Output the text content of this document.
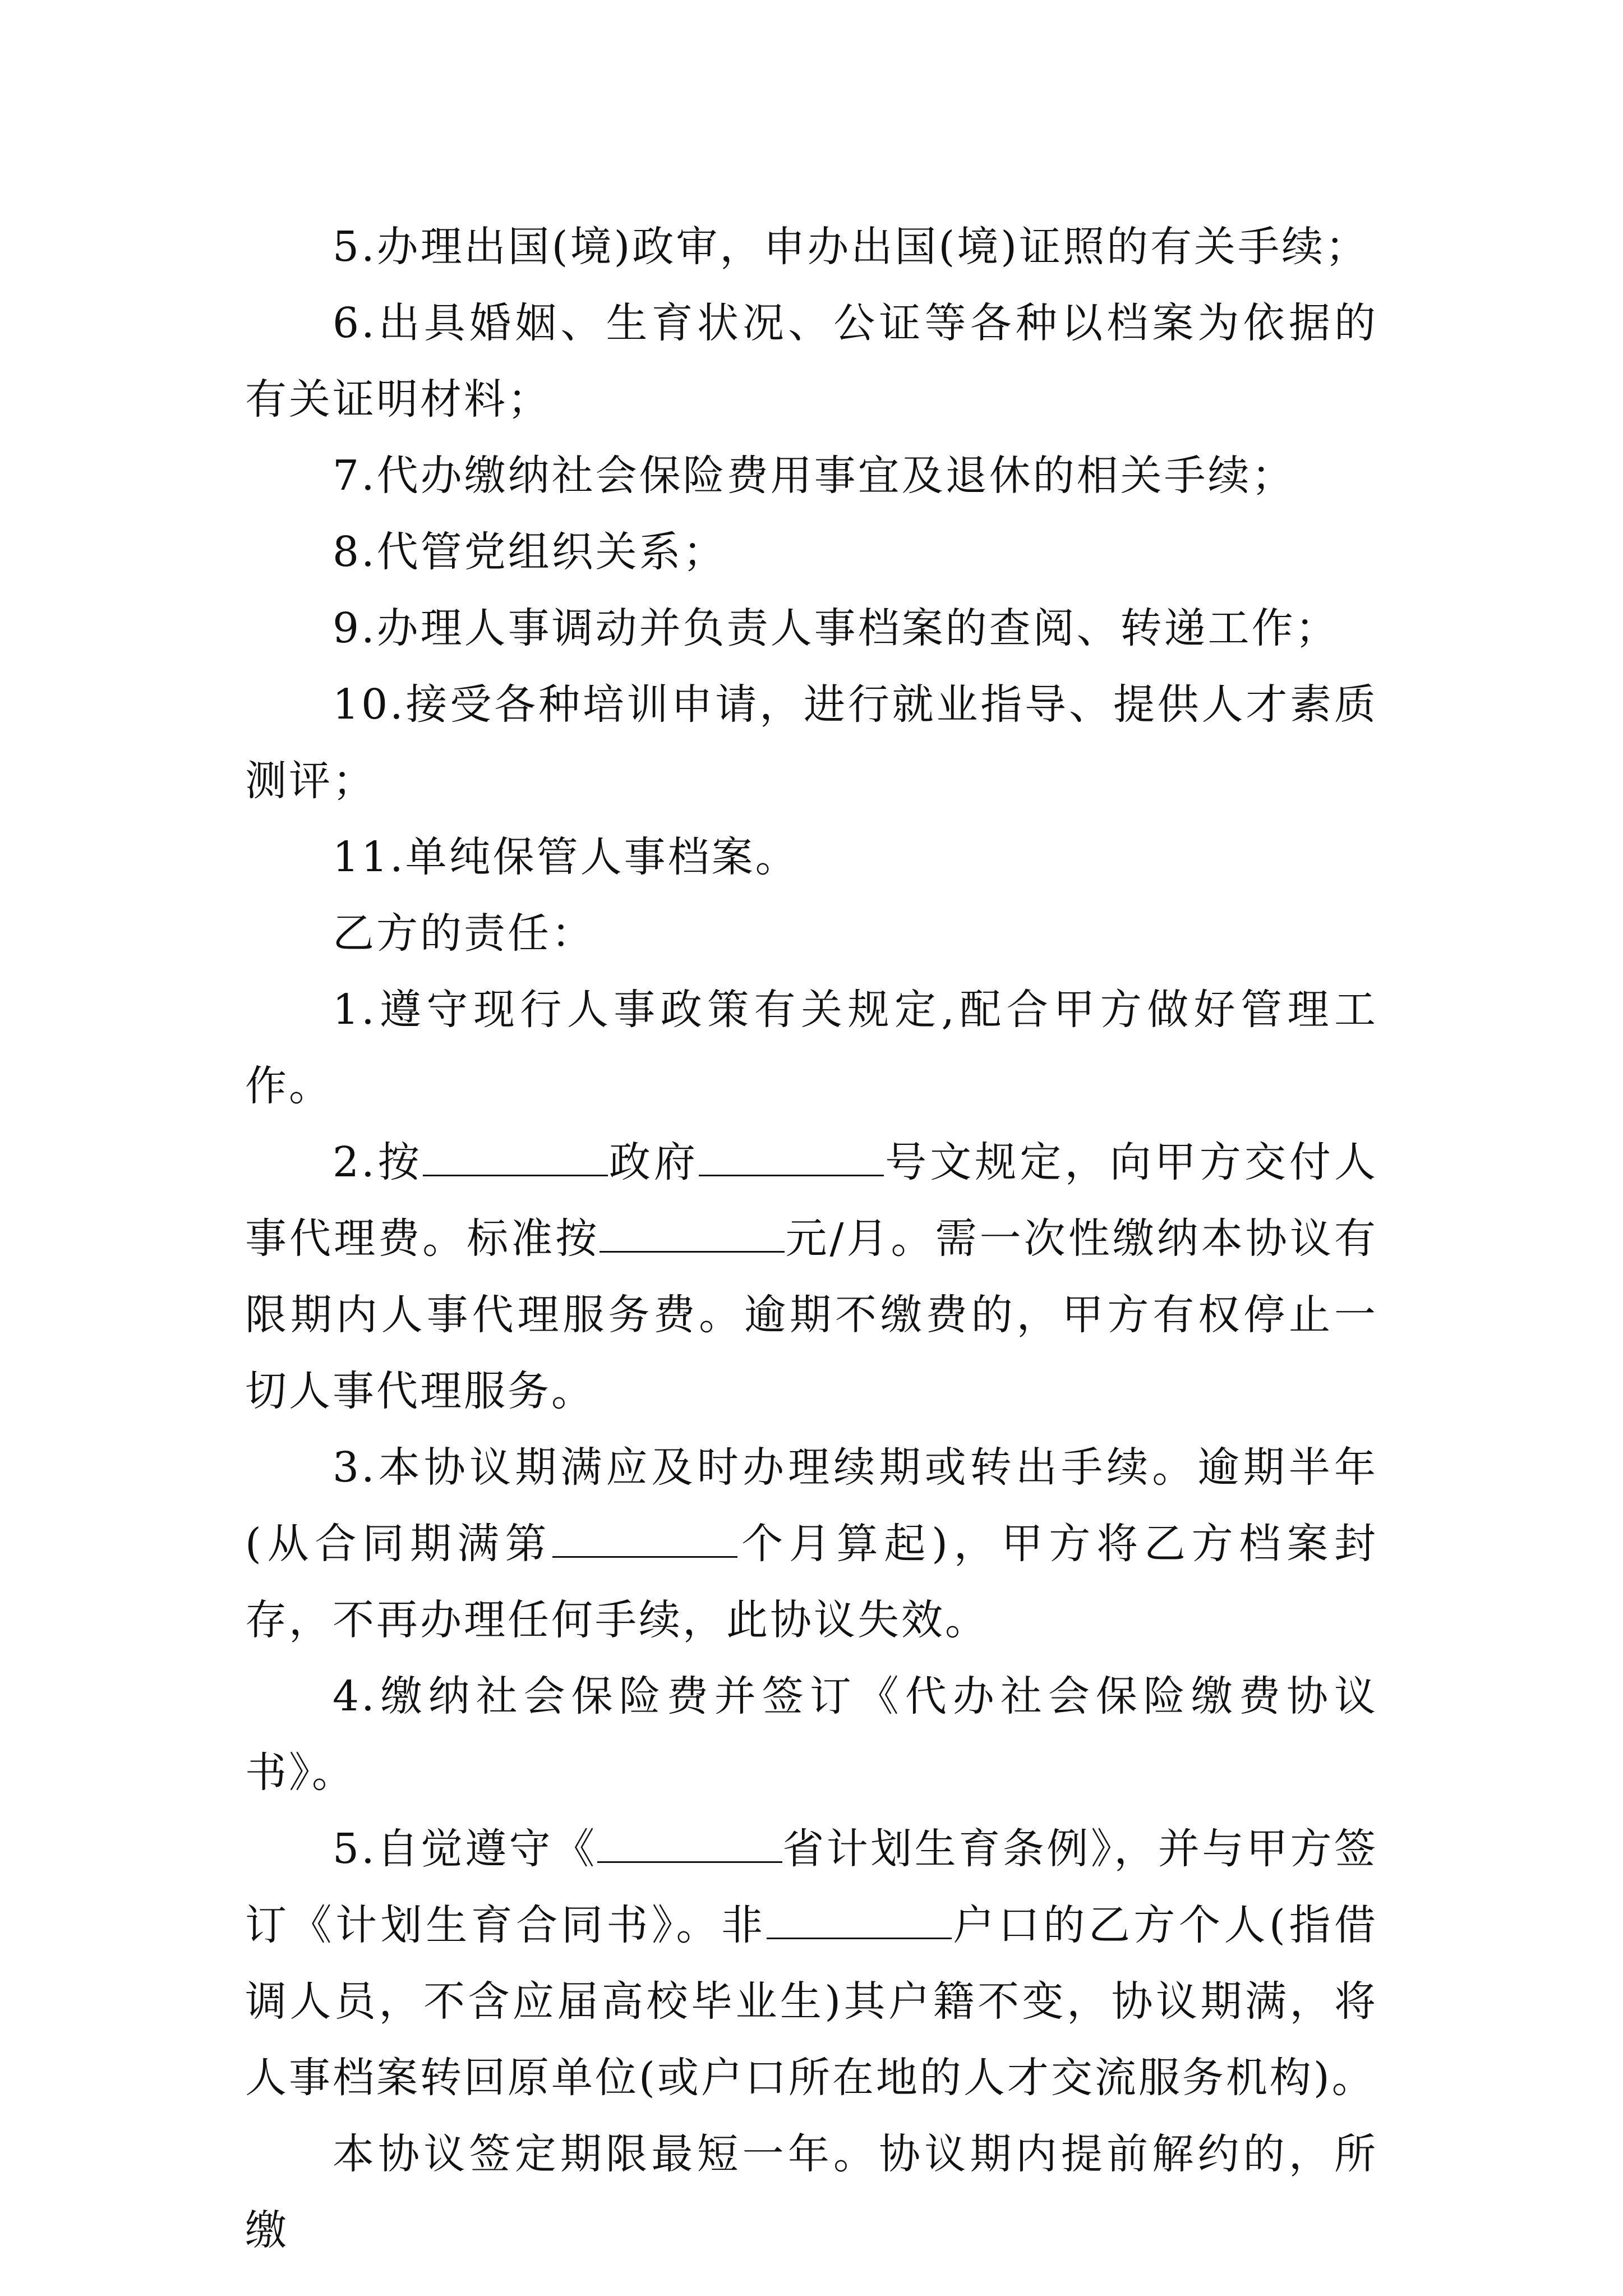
5.办理出国(境)政审，申办出国(境)证照的有关手续；

6.出具婚姻、生育状况、公证等各种以档案为依据的有关证明材料；

7.代办缴纳社会保险费用事宜及退休的相关手续；

8.代管党组织关系；

9.办理人事调动并负责人事档案的查阅、转递工作；

10.接受各种培训申请，进行就业指导、提供人才素质测评；

11.单纯保管人事档案。

乙方的责任：

1.遵守现行人事政策有关规定,配合甲方做好管理工作。

2.按	政府	号文规定，向甲方交付人事代理费。标准按	元/月。需一次性缴纳本协议有限期内人事代理服务费。逾期不缴费的，甲方有权停止一切人事代理服务。

3.本协议期满应及时办理续期或转出手续。逾期半年(从合同期满第	个月算起)，甲方将乙方档案封存，不再办理任何手续，此协议失效。

4.缴纳社会保险费并签订《代办社会保险缴费协议书》。

5.自觉遵守《	省计划生育条例》，并与甲方签订《计划生育合同书》。非	户口的乙方个人(指借调人员，不含应届高校毕业生)其户籍不变，协议期满，将人事档案转回原单位(或户口所在地的人才交流服务机构)。

本协议签定期限最短一年。协议期内提前解约的，所缴
